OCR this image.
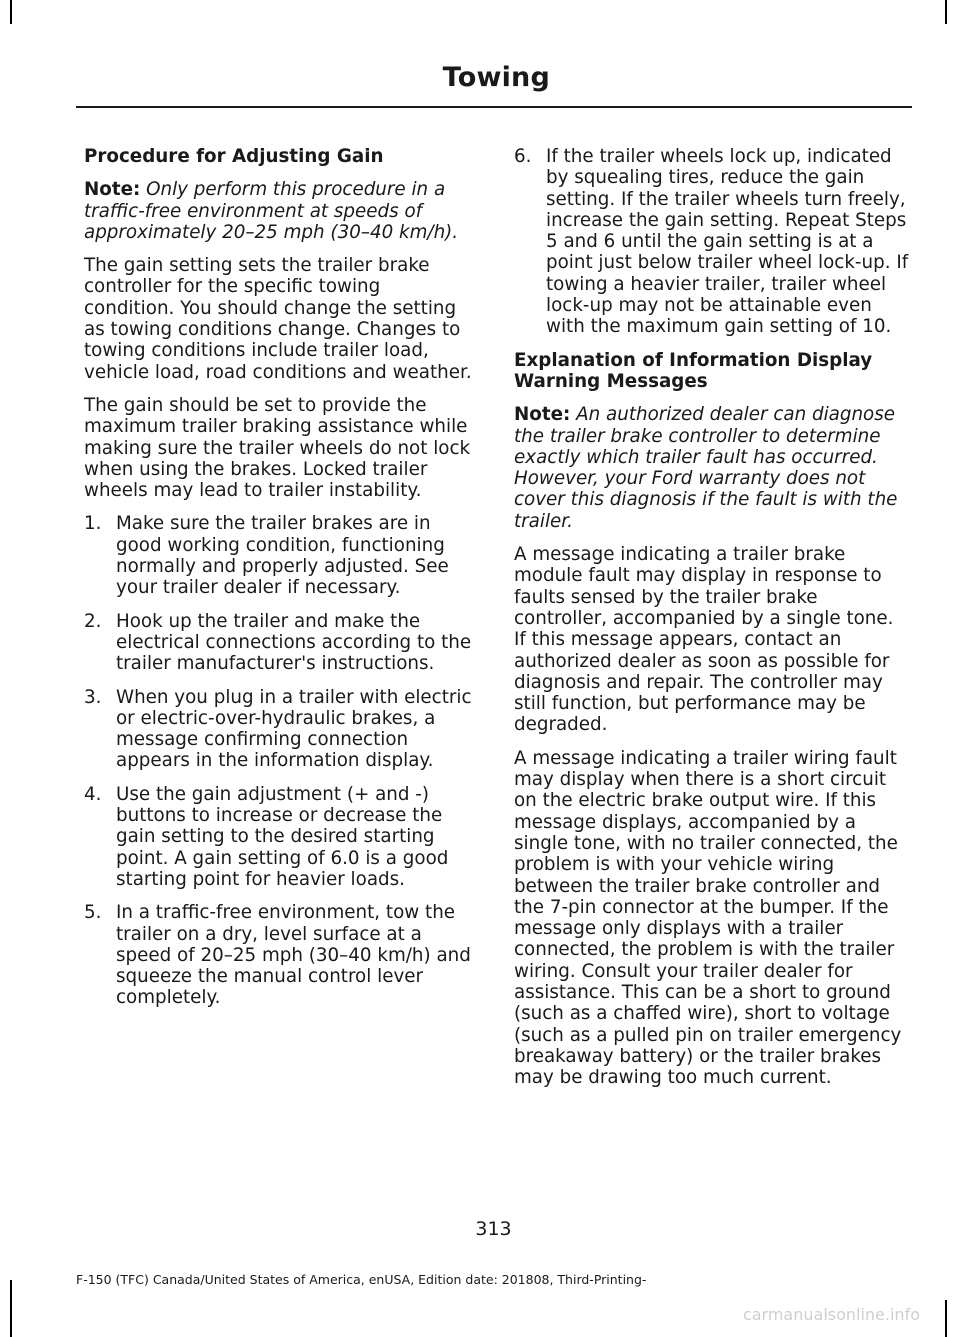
Towing
Procedure for Adjusting Gain
Note: Only perform this procedure in a traffic-free environment at speeds of approximately 20–25 mph (30–40 km/h).
The gain setting sets the trailer brake controller for the specific towing condition. You should change the setting as towing conditions change. Changes to towing conditions include trailer load, vehicle load, road conditions and weather.
The gain should be set to provide the maximum trailer braking assistance while making sure the trailer wheels do not lock when using the brakes. Locked trailer wheels may lead to trailer instability.
1. Make sure the trailer brakes are in good working condition, functioning normally and properly adjusted. See your trailer dealer if necessary.
2. Hook up the trailer and make the electrical connections according to the trailer manufacturer's instructions.
3. When you plug in a trailer with electric or electric-over-hydraulic brakes, a message confirming connection appears in the information display.
4. Use the gain adjustment (+ and -) buttons to increase or decrease the gain setting to the desired starting point. A gain setting of 6.0 is a good starting point for heavier loads.
5. In a traffic-free environment, tow the trailer on a dry, level surface at a speed of 20–25 mph (30–40 km/h) and squeeze the manual control lever completely.
6. If the trailer wheels lock up, indicated by squealing tires, reduce the gain setting. If the trailer wheels turn freely, increase the gain setting. Repeat Steps 5 and 6 until the gain setting is at a point just below trailer wheel lock-up. If towing a heavier trailer, trailer wheel lock-up may not be attainable even with the maximum gain setting of 10.
Explanation of Information Display Warning Messages
Note: An authorized dealer can diagnose the trailer brake controller to determine exactly which trailer fault has occurred. However, your Ford warranty does not cover this diagnosis if the fault is with the trailer.
A message indicating a trailer brake module fault may display in response to faults sensed by the trailer brake controller, accompanied by a single tone. If this message appears, contact an authorized dealer as soon as possible for diagnosis and repair. The controller may still function, but performance may be degraded.
A message indicating a trailer wiring fault may display when there is a short circuit on the electric brake output wire. If this message displays, accompanied by a single tone, with no trailer connected, the problem is with your vehicle wiring between the trailer brake controller and the 7-pin connector at the bumper. If the message only displays with a trailer connected, the problem is with the trailer wiring. Consult your trailer dealer for assistance. This can be a short to ground (such as a chaffed wire), short to voltage (such as a pulled pin on trailer emergency breakaway battery) or the trailer brakes may be drawing too much current.
313
F-150 (TFC) Canada/United States of America, enUSA, Edition date: 201808, Third-Printing-
carmanualsonline.info
